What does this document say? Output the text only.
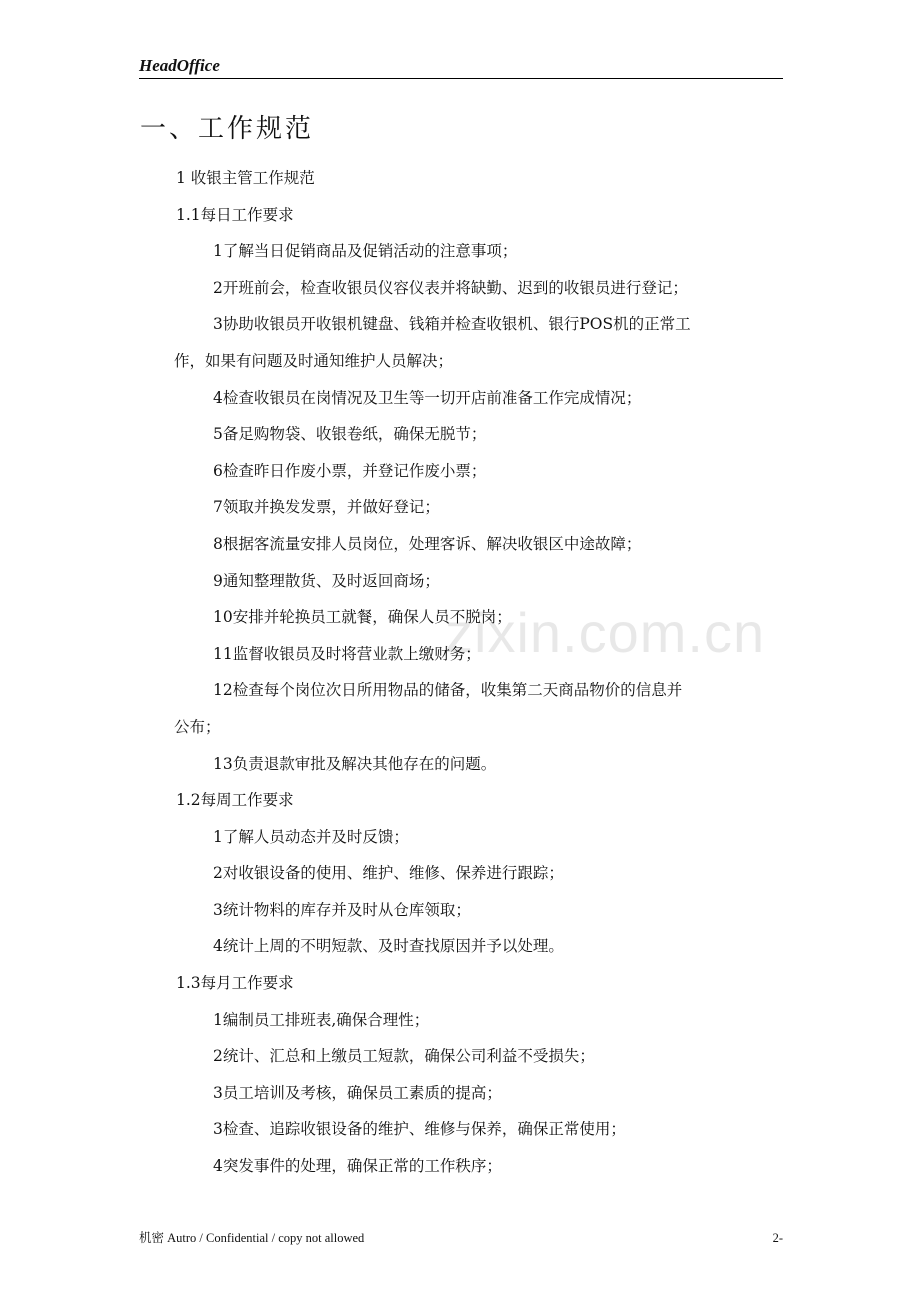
HeadOffice
一、工作规范
1 收银主管工作规范
1.1每日工作要求
1了解当日促销商品及促销活动的注意事项；
2开班前会，检查收银员仪容仪表并将缺勤、迟到的收银员进行登记；
3协助收银员开收银机键盘、钱箱并检查收银机、银行POS机的正常工
作，如果有问题及时通知维护人员解决；
4检查收银员在岗情况及卫生等一切开店前准备工作完成情况；
5备足购物袋、收银卷纸，确保无脱节；
6检查昨日作废小票，并登记作废小票；
7领取并换发发票，并做好登记；
8根据客流量安排人员岗位，处理客诉、解决收银区中途故障；
9通知整理散货、及时返回商场；
10安排并轮换员工就餐，确保人员不脱岗；
11监督收银员及时将营业款上缴财务；
12检查每个岗位次日所用物品的储备，收集第二天商品物价的信息并
公布；
13负责退款审批及解决其他存在的问题。
1.2每周工作要求
1了解人员动态并及时反馈；
2对收银设备的使用、维护、维修、保养进行跟踪；
3统计物料的库存并及时从仓库领取；
4统计上周的不明短款、及时查找原因并予以处理。
1.3每月工作要求
1编制员工排班表,确保合理性；
2统计、汇总和上缴员工短款，确保公司利益不受损失；
3员工培训及考核，确保员工素质的提高；
3检查、追踪收银设备的维护、维修与保养，确保正常使用；
4突发事件的处理，确保正常的工作秩序；
zixin.com.cn
机密 Autro / Confidential / copy not allowed	2-
